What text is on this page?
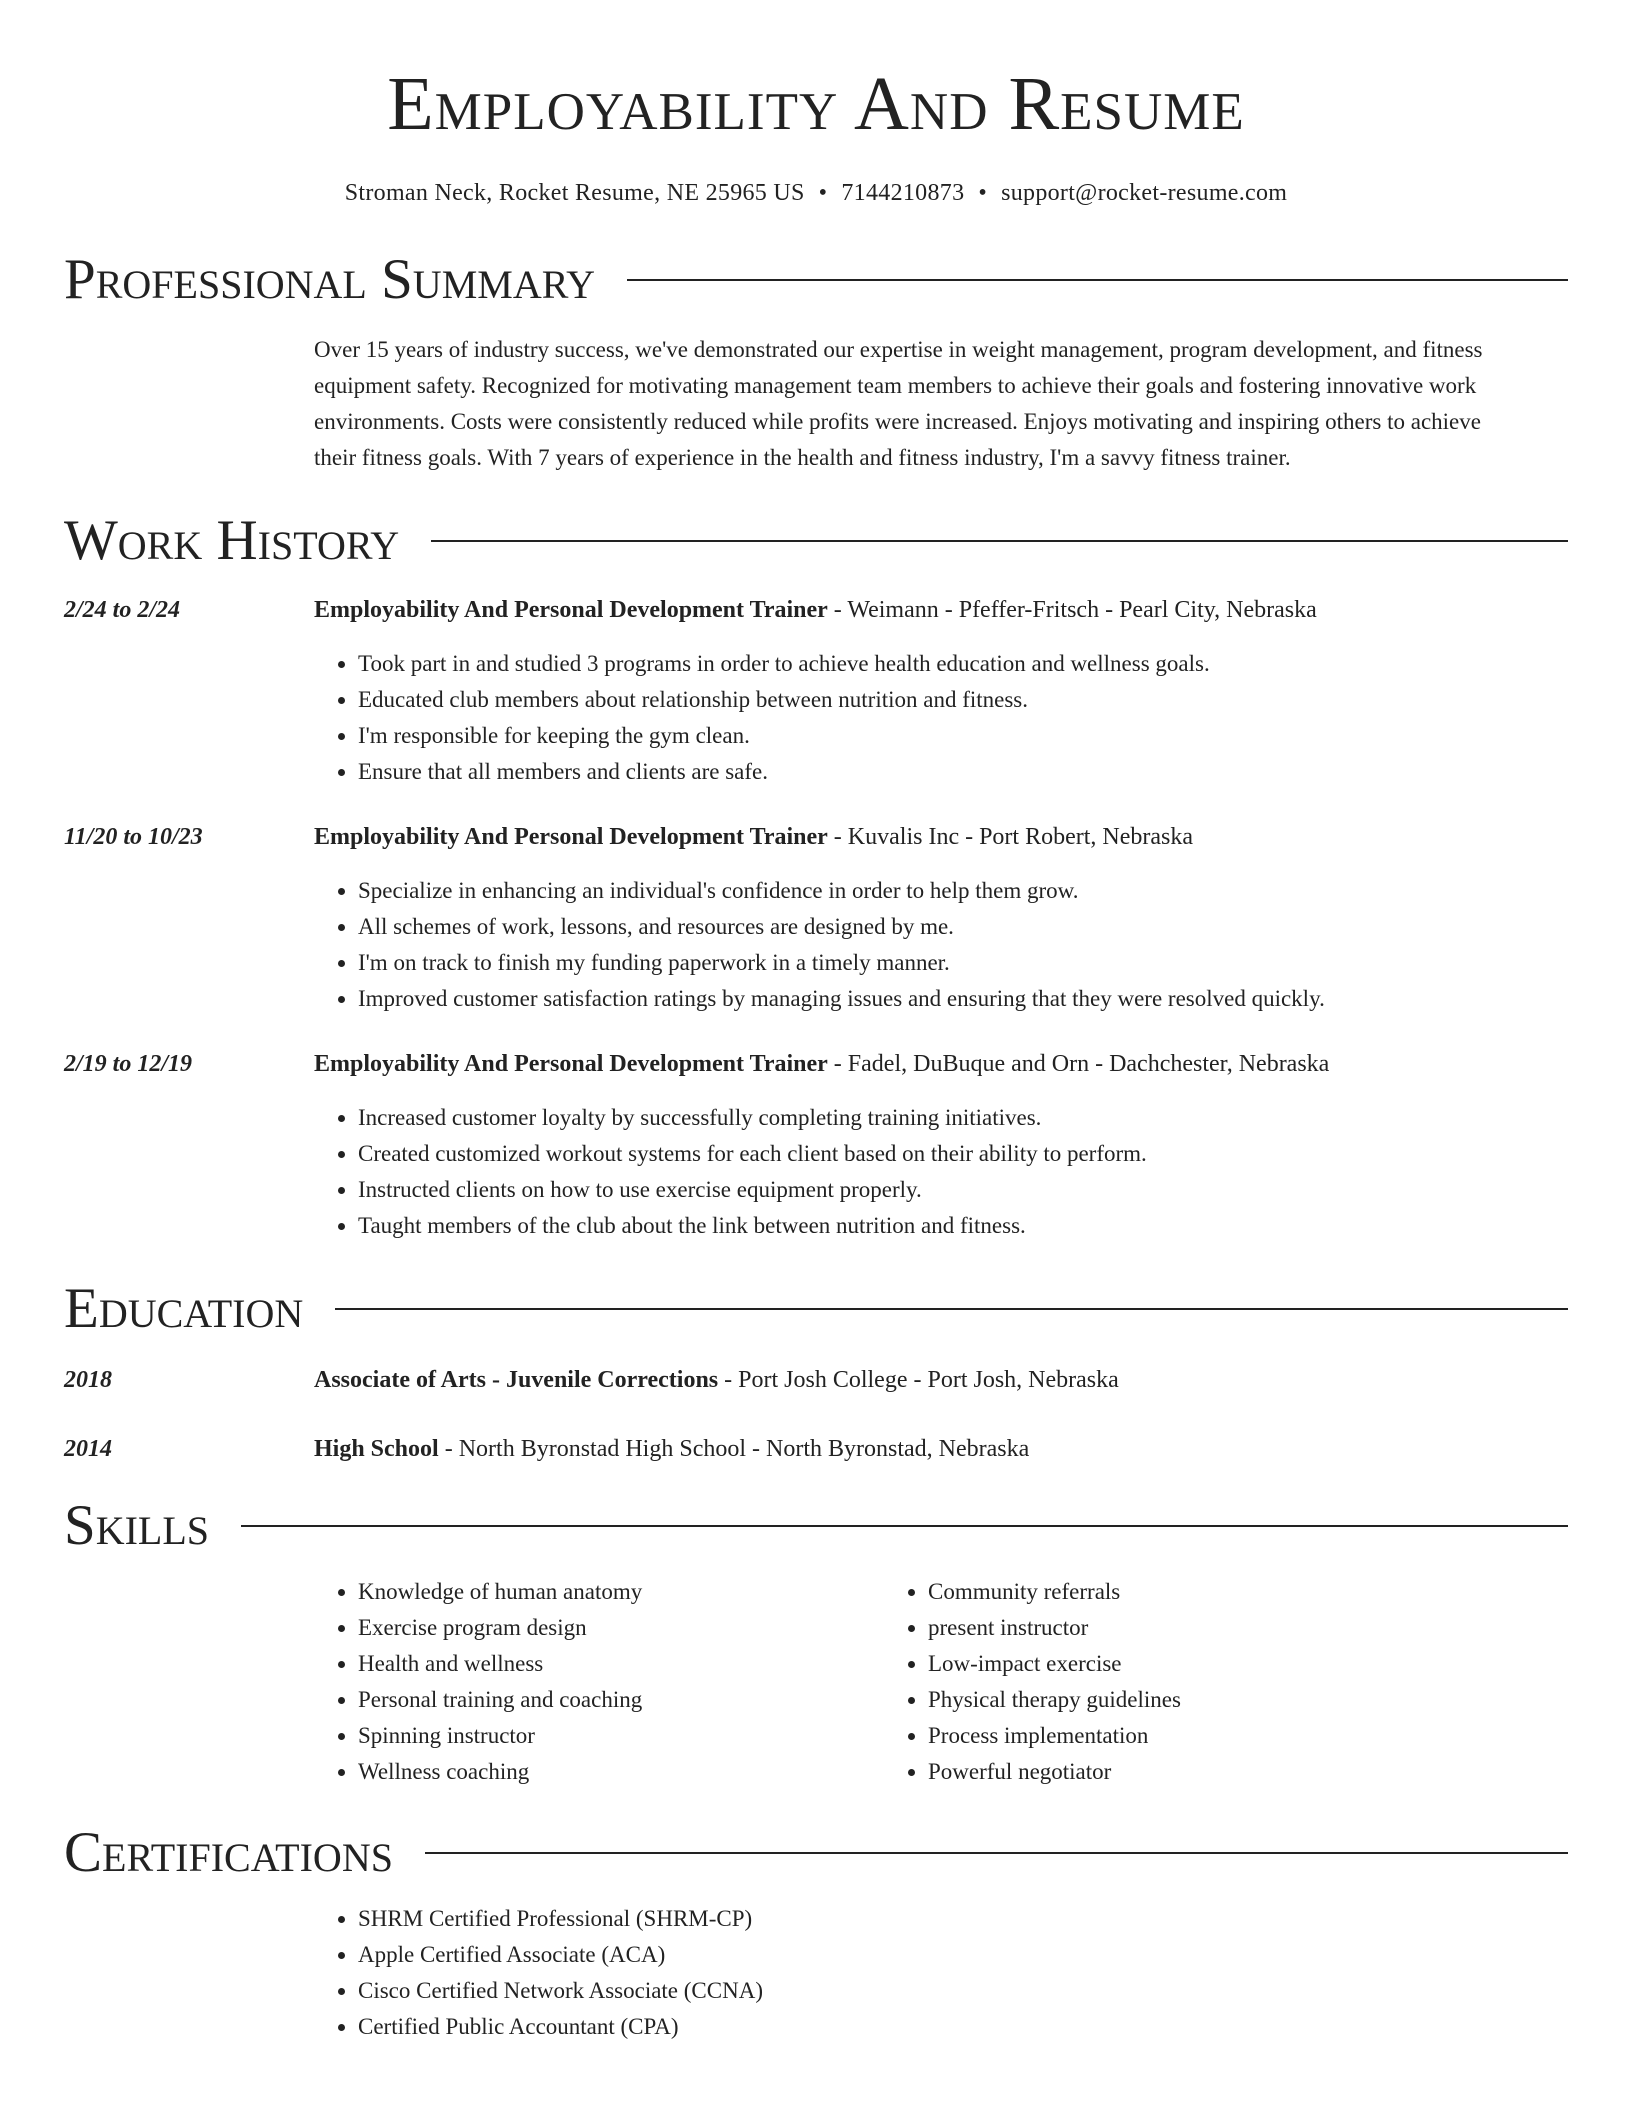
Employability And Resume
Stroman Neck, Rocket Resume, NE 25965 US • 7144210873 • support@rocket-resume.com
Professional Summary
Over 15 years of industry success, we've demonstrated our expertise in weight management, program development, and fitness equipment safety. Recognized for motivating management team members to achieve their goals and fostering innovative work environments. Costs were consistently reduced while profits were increased. Enjoys motivating and inspiring others to achieve their fitness goals. With 7 years of experience in the health and fitness industry, I'm a savvy fitness trainer.
Work History
2/24 to 2/24	Employability And Personal Development Trainer - Weimann - Pfeffer-Fritsch - Pearl City, Nebraska
• Took part in and studied 3 programs in order to achieve health education and wellness goals.
• Educated club members about relationship between nutrition and fitness.
• I'm responsible for keeping the gym clean.
• Ensure that all members and clients are safe.
11/20 to 10/23	Employability And Personal Development Trainer - Kuvalis Inc - Port Robert, Nebraska
• Specialize in enhancing an individual's confidence in order to help them grow.
• All schemes of work, lessons, and resources are designed by me.
• I'm on track to finish my funding paperwork in a timely manner.
• Improved customer satisfaction ratings by managing issues and ensuring that they were resolved quickly.
2/19 to 12/19	Employability And Personal Development Trainer - Fadel, DuBuque and Orn - Dachchester, Nebraska
• Increased customer loyalty by successfully completing training initiatives.
• Created customized workout systems for each client based on their ability to perform.
• Instructed clients on how to use exercise equipment properly.
• Taught members of the club about the link between nutrition and fitness.
Education
2018	Associate of Arts - Juvenile Corrections - Port Josh College - Port Josh, Nebraska
2014	High School - North Byronstad High School - North Byronstad, Nebraska
Skills
• Knowledge of human anatomy
• Exercise program design
• Health and wellness
• Personal training and coaching
• Spinning instructor
• Wellness coaching
• Community referrals
• present instructor
• Low-impact exercise
• Physical therapy guidelines
• Process implementation
• Powerful negotiator
Certifications
• SHRM Certified Professional (SHRM-CP)
• Apple Certified Associate (ACA)
• Cisco Certified Network Associate (CCNA)
• Certified Public Accountant (CPA)
